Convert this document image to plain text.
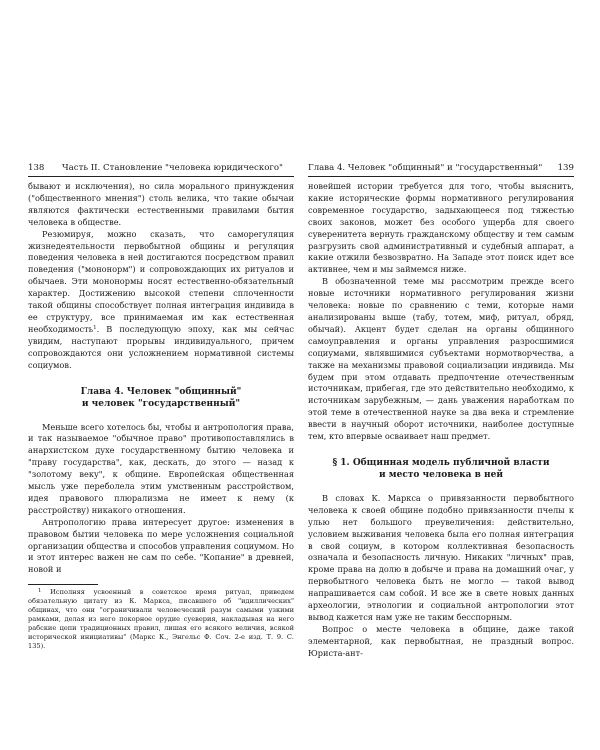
138 Часть II. Становление "человека юридического"

бывают и исключения), но сила морального принуждения ("общественного мнения") столь велика, что такие обычаи являются фактически естественными правилами бытия человека в обществе.

Резюмируя, можно сказать, что саморегуляция жизнедеятельности первобытной общины и регуляция поведения человека в ней достигаются посредством правил поведения ("мононорм") и сопровождающих их ритуалов и обычаев. Эти мононормы носят естественно-обязательный характер. Достижению высокой степени сплоченности такой общины способствует полная интеграция индивида в ее структуру, все принимаемая им как естественная необходимость$^1$. В последующую эпоху, как мы сейчас увидим, наступают прорывы индивидуального, причем сопровождаются они усложнением нормативной системы социумов.

Глава 4. Человек "общинный"
и человек "государственный"

Меньше всего хотелось бы, чтобы и антропология права, и так называемое "обычное право" противопоставлялись в анархистском духе государственному бытию человека и "праву государства", как, дескать, до этого — назад к "золотому веку", к общине. Европейская общественная мысль уже переболела этим умственным расстройством, идея правового плюрализма не имеет к нему (к расстройству) никакого отношения.

Антропологию права интересует другое: изменения в правовом бытии человека по мере усложнения социальной организации общества и способов управления социумом. Но и этот интерес важен не сам по себе. "Копание" в древней, новой и

$^1$ Исполняя усвоенный в советское время ритуал, приведем обязательную цитату из К. Маркса, писавшего об "идиллических" общинах, что они "ограничивали человеческий разум самыми узкими рамками, делая из него покорное орудие суеверия, накладывая на него рабские цепи традиционных правил, лишая его всякого величия, всякой исторической инициативы" (Маркс К., Энгельс Ф. Соч. 2-е изд. Т. 9. С. 135).

Глава 4. Человек "общинный" и "государственный" 139

новейшей истории требуется для того, чтобы выяснить, какие исторические формы нормативного регулирования современное государство, задыхающееся под тяжестью своих законов, может без особого ущерба для своего суверенитета вернуть гражданскому обществу и тем самым разгрузить свой административный и судебный аппарат, а какие отжили безвозвратно. На Западе этот поиск идет все активнее, чем и мы займемся ниже.

В обозначенной теме мы рассмотрим прежде всего новые источники нормативного регулирования жизни человека: новые по сравнению с теми, которые нами анализированы выше (табу, тотем, миф, ритуал, обряд, обычай). Акцент будет сделан на органы общинного самоуправления и органы управления разросшимися социумами, являвшимися субъектами нормотворчества, а также на механизмы правовой социализации индивида. Мы будем при этом отдавать предпочтение отечественным источникам, прибегая, где это действительно необходимо, к источникам зарубежным, — дань уважения наработкам по этой теме в отечественной науке за два века и стремление ввести в научный оборот источники, наиболее доступные тем, кто впервые осваивает наш предмет.

§ 1. Общинная модель публичной власти
и место человека в ней

В словах К. Маркса о привязанности первобытного человека к своей общине подобно привязанности пчелы к улью нет большого преувеличения: действительно, условием выживания человека была его полная интеграция в свой социум, в котором коллективная безопасность означала и безопасность личную. Никаких "личных" прав, кроме права на долю в добыче и права на домашний очаг, у первобытного человека быть не могло — такой вывод напрашивается сам собой. И все же в свете новых данных археологии, этнологии и социальной антропологии этот вывод кажется нам уже не таким бесспорным.

Вопрос о месте человека в общине, даже такой элементарной, как первобытная, не праздный вопрос. Юриста-ант-
